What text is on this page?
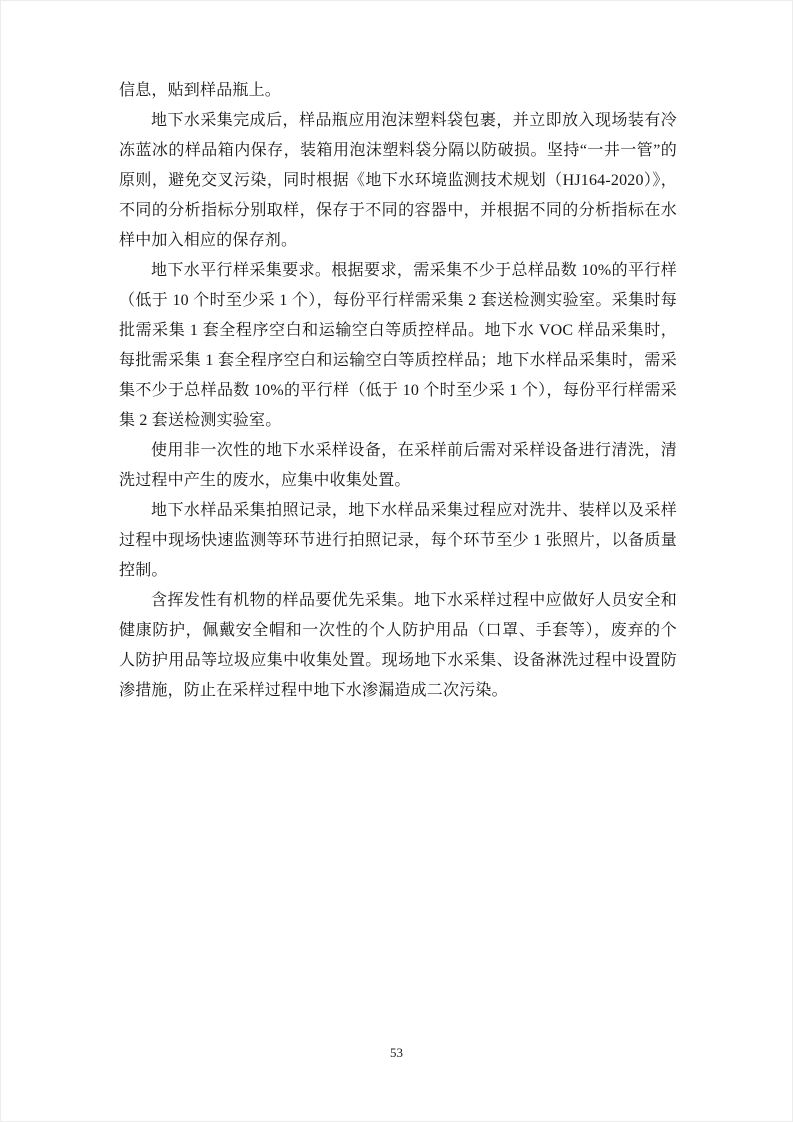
信息，贴到样品瓶上。

地下水采集完成后，样品瓶应用泡沫塑料袋包裹，并立即放入现场装有冷冻蓝冰的样品箱内保存，装箱用泡沫塑料袋分隔以防破损。坚持“一井一管”的原则，避免交叉污染，同时根据《地下水环境监测技术规划（HJ164-2020）》，不同的分析指标分别取样，保存于不同的容器中，并根据不同的分析指标在水样中加入相应的保存剂。

地下水平行样采集要求。根据要求，需采集不少于总样品数 10%的平行样（低于 10 个时至少采 1 个），每份平行样需采集 2 套送检测实验室。采集时每批需采集 1 套全程序空白和运输空白等质控样品。地下水 VOC 样品采集时，每批需采集 1 套全程序空白和运输空白等质控样品；地下水样品采集时，需采集不少于总样品数 10%的平行样（低于 10 个时至少采 1 个），每份平行样需采集 2 套送检测实验室。

使用非一次性的地下水采样设备，在采样前后需对采样设备进行清洗，清洗过程中产生的废水，应集中收集处置。

地下水样品采集拍照记录，地下水样品采集过程应对洗井、装样以及采样过程中现场快速监测等环节进行拍照记录，每个环节至少 1 张照片，以备质量控制。

含挥发性有机物的样品要优先采集。地下水采样过程中应做好人员安全和健康防护，佩戴安全帽和一次性的个人防护用品（口罩、手套等），废弃的个人防护用品等垃圾应集中收集处置。现场地下水采集、设备淋洗过程中设置防渗措施，防止在采样过程中地下水渗漏造成二次污染。

53
